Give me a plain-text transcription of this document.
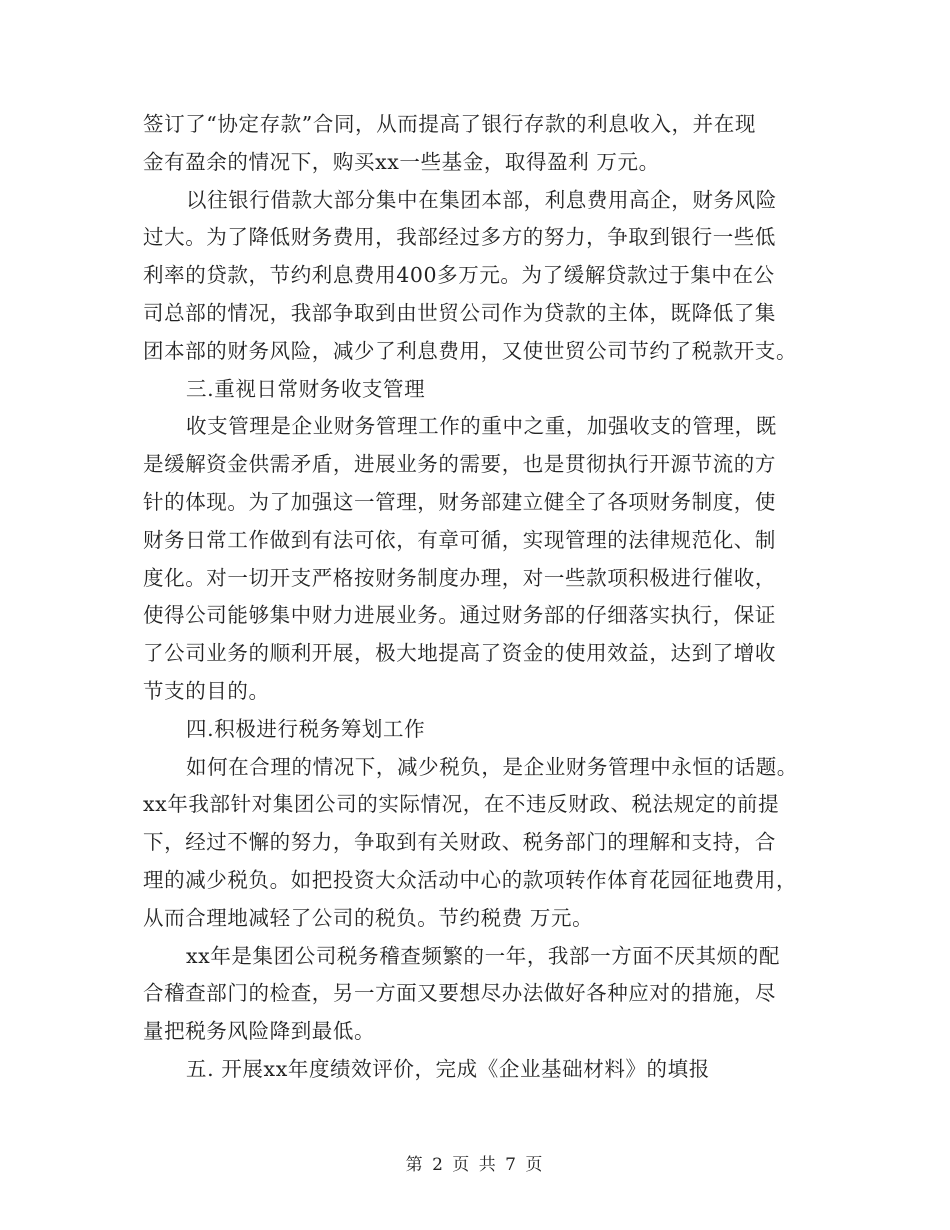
签订了“协定存款”合同，从而提高了银行存款的利息收入，并在现
金有盈余的情况下，购买xx一些基金，取得盈利 万元。
以往银行借款大部分集中在集团本部，利息费用高企，财务风险
过大。为了降低财务费用，我部经过多方的努力，争取到银行一些低
利率的贷款，节约利息费用400多万元。为了缓解贷款过于集中在公
司总部的情况，我部争取到由世贸公司作为贷款的主体，既降低了集
团本部的财务风险，减少了利息费用，又使世贸公司节约了税款开支。
三.重视日常财务收支管理
收支管理是企业财务管理工作的重中之重，加强收支的管理，既
是缓解资金供需矛盾，进展业务的需要，也是贯彻执行开源节流的方
针的体现。为了加强这一管理，财务部建立健全了各项财务制度，使
财务日常工作做到有法可依，有章可循，实现管理的法律规范化、制
度化。对一切开支严格按财务制度办理，对一些款项积极进行催收，
使得公司能够集中财力进展业务。通过财务部的仔细落实执行，保证
了公司业务的顺利开展，极大地提高了资金的使用效益，达到了增收
节支的目的。
四.积极进行税务筹划工作
如何在合理的情况下，减少税负，是企业财务管理中永恒的话题。
xx年我部针对集团公司的实际情况，在不违反财政、税法规定的前提
下，经过不懈的努力，争取到有关财政、税务部门的理解和支持，合
理的减少税负。如把投资大众活动中心的款项转作体育花园征地费用，
从而合理地减轻了公司的税负。节约税费 万元。
xx年是集团公司税务稽查频繁的一年，我部一方面不厌其烦的配
合稽查部门的检查，另一方面又要想尽办法做好各种应对的措施，尽
量把税务风险降到最低。
五. 开展xx年度绩效评价，完成《企业基础材料》的填报
第 2 页 共 7 页
